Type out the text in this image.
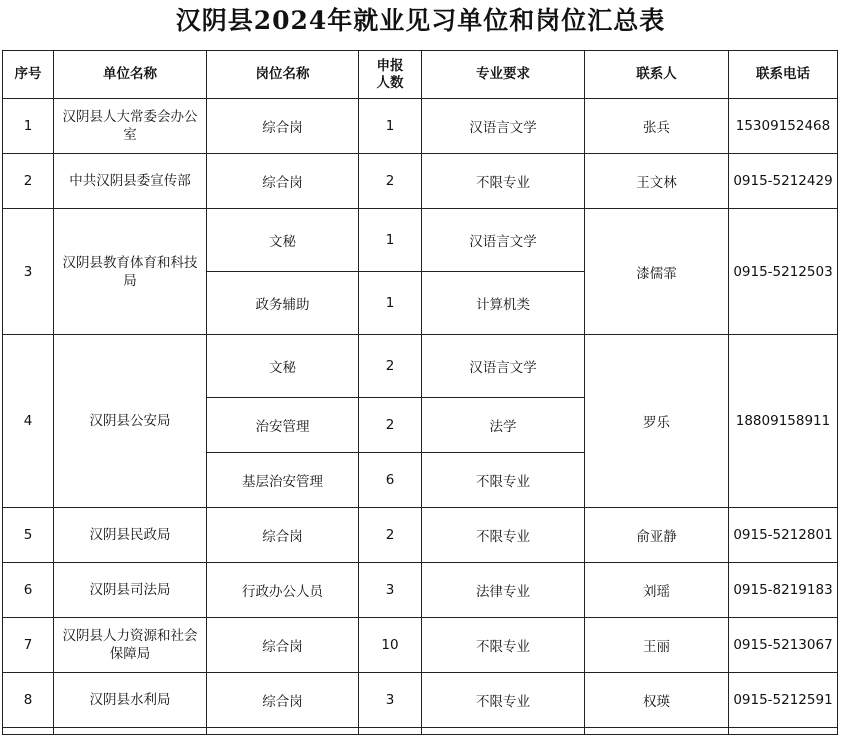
汉阴县2024年就业见习单位和岗位汇总表
序号	单位名称	岗位名称	申报人数	专业要求	联系人	联系电话
1	汉阴县人大常委会办公室	综合岗	1	汉语言文学	张兵	15309152468
2	中共汉阴县委宣传部	综合岗	2	不限专业	王文林	0915-5212429
3	汉阴县教育体育和科技局	文秘	1	汉语言文学	漆儒霏	0915-5212503
		政务辅助	1	计算机类		
4	汉阴县公安局	文秘	2	汉语言文学	罗乐	18809158911
		治安管理	2	法学		
		基层治安管理	6	不限专业		
5	汉阴县民政局	综合岗	2	不限专业	俞亚静	0915-5212801
6	汉阴县司法局	行政办公人员	3	法律专业	刘瑶	0915-8219183
7	汉阴县人力资源和社会保障局	综合岗	10	不限专业	王丽	0915-5213067
8	汉阴县水利局	综合岗	3	不限专业	权瑛	0915-5212591
